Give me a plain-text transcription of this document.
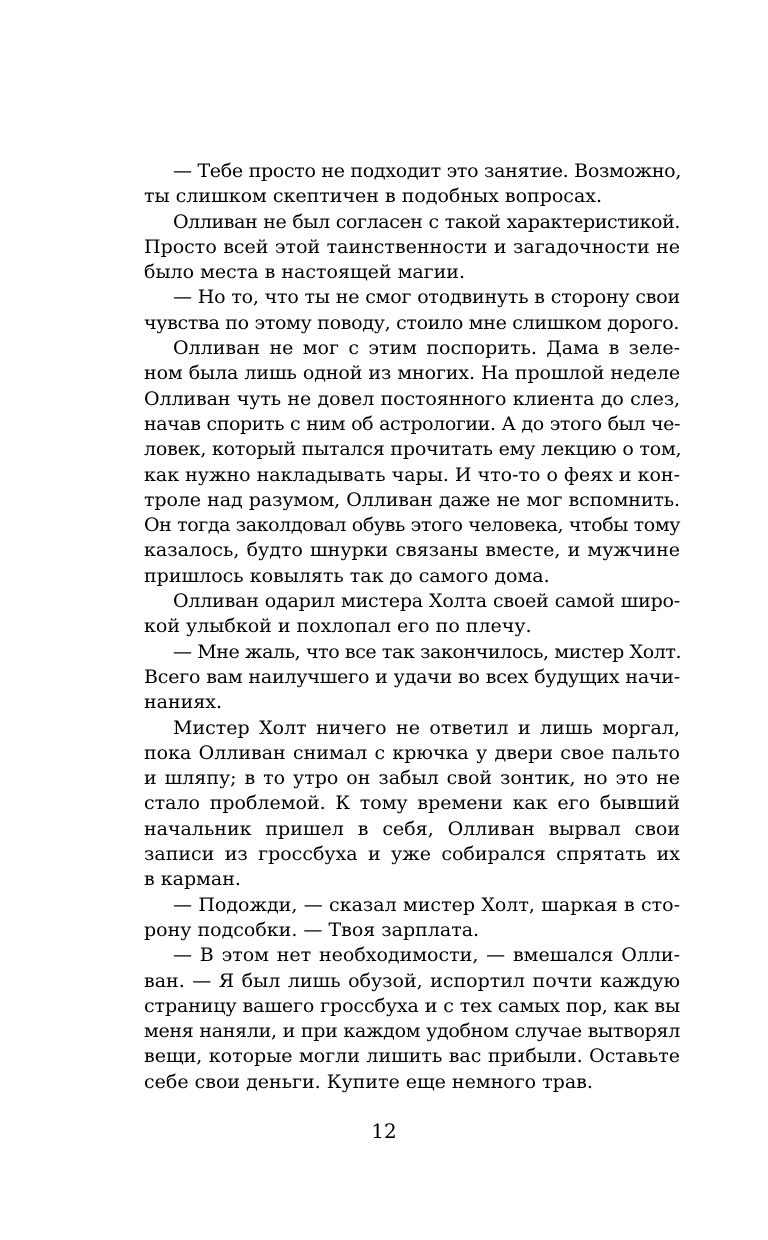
— Тебе просто не подходит это занятие. Возможно,
ты слишком скептичен в подобных вопросах.
Олливан не был согласен с такой характеристикой.
Просто всей этой таинственности и загадочности не
было места в настоящей магии.
— Но то, что ты не смог отодвинуть в сторону свои
чувства по этому поводу, стоило мне слишком дорого.
Олливан не мог с этим поспорить. Дама в зеле-
ном была лишь одной из многих. На прошлой неделе
Олливан чуть не довел постоянного клиента до слез,
начав спорить с ним об астрологии. А до этого был че-
ловек, который пытался прочитать ему лекцию о том,
как нужно накладывать чары. И что-то о феях и кон-
троле над разумом, Олливан даже не мог вспомнить.
Он тогда заколдовал обувь этого человека, чтобы тому
казалось, будто шнурки связаны вместе, и мужчине
пришлось ковылять так до самого дома.
Олливан одарил мистера Холта своей самой широ-
кой улыбкой и похлопал его по плечу.
— Мне жаль, что все так закончилось, мистер Холт.
Всего вам наилучшего и удачи во всех будущих начи-
наниях.
Мистер Холт ничего не ответил и лишь моргал,
пока Олливан снимал с крючка у двери свое пальто
и шляпу; в то утро он забыл свой зонтик, но это не
стало проблемой. К тому времени как его бывший
начальник пришел в себя, Олливан вырвал свои
записи из гроссбуха и уже собирался спрятать их
в карман.
— Подожди, — сказал мистер Холт, шаркая в сто-
рону подсобки. — Твоя зарплата.
— В этом нет необходимости, — вмешался Олли-
ван. — Я был лишь обузой, испортил почти каждую
страницу вашего гроссбуха и с тех самых пор, как вы
меня наняли, и при каждом удобном случае вытворял
вещи, которые могли лишить вас прибыли. Оставьте
себе свои деньги. Купите еще немного трав.
12
